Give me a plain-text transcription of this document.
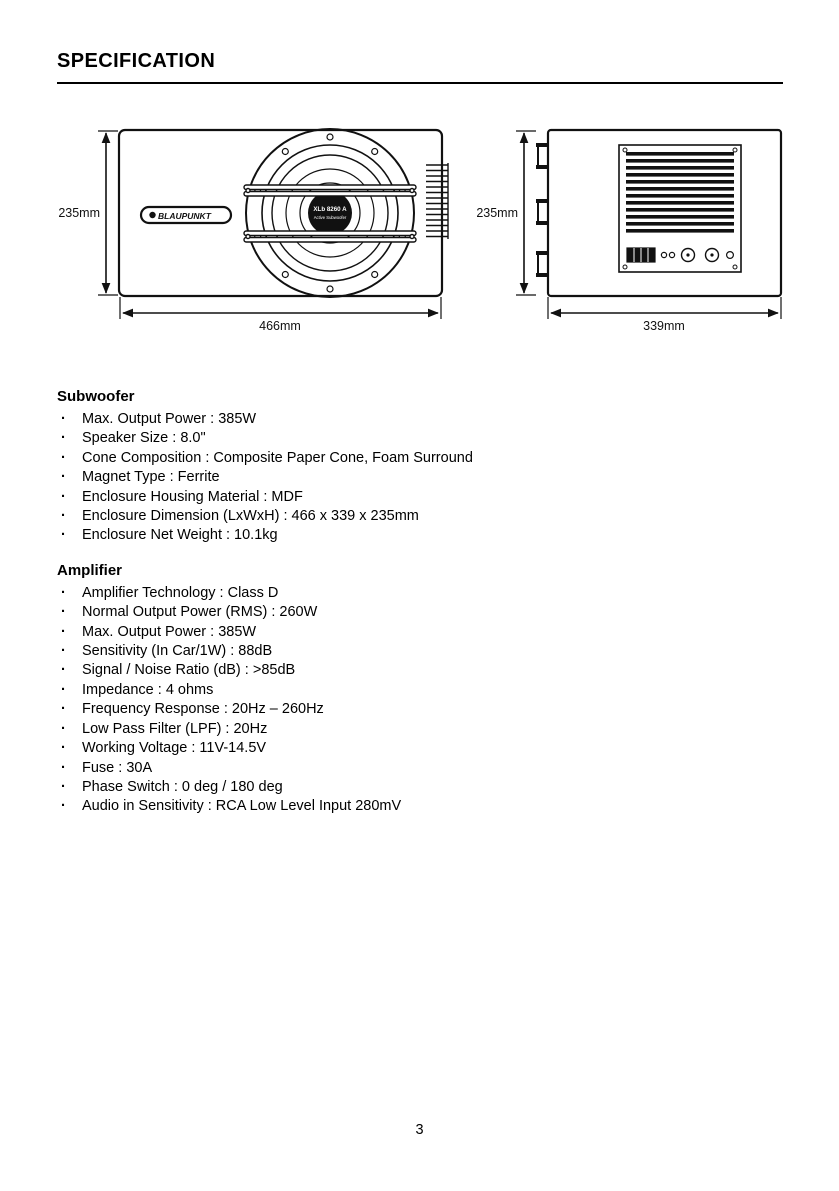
SPECIFICATION
XLb 8260 A
Active Subwoofer
BLAUPUNKT
235mm
466mm
235mm
339mm
Subwoofer
· Max. Output Power : 385W
· Speaker Size : 8.0"
· Cone Composition : Composite Paper Cone, Foam Surround
· Magnet Type : Ferrite
· Enclosure Housing Material : MDF
· Enclosure Dimension (LxWxH) : 466 x 339 x 235mm
· Enclosure Net Weight : 10.1kg
Amplifier
· Amplifier Technology : Class D
· Normal Output Power (RMS) : 260W
· Max. Output Power : 385W
· Sensitivity (In Car/1W) : 88dB
· Signal / Noise Ratio (dB) : >85dB
· Impedance : 4 ohms
· Frequency Response : 20Hz – 260Hz
· Low Pass Filter (LPF) : 20Hz
· Working Voltage : 11V-14.5V
· Fuse : 30A
· Phase Switch : 0 deg / 180 deg
· Audio in Sensitivity : RCA Low Level Input 280mV
3
